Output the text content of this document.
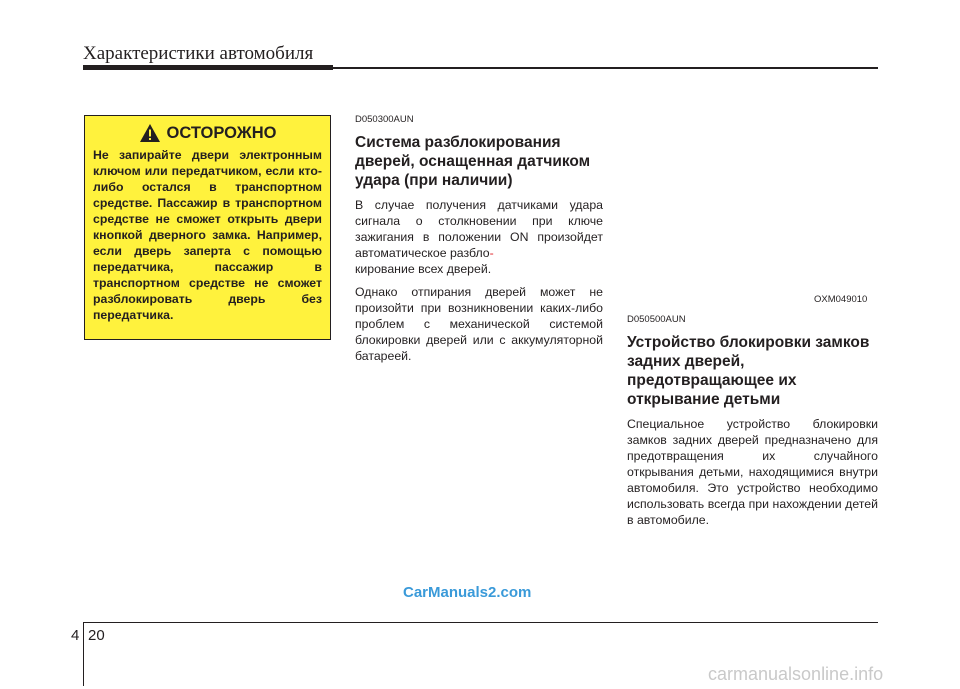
Характеристики автомобиля
ОСТОРОЖНО
Не запирайте двери электронным ключом или передатчиком, если кто-либо остался в транспортном средстве. Пассажир в транспортном средстве не сможет открыть двери кнопкой дверного замка. Например, если дверь заперта с помощью передатчика, пассажир в транспортном средстве не сможет разблокировать дверь без передатчика.
D050300AUN
Система разблокирования дверей, оснащенная датчиком удара (при наличии)
В случае получения датчиками удара сигнала о столкновении при ключе зажигания в положении ON произойдет автоматическое разбло-
кирование всех дверей.
Однако отпирания дверей может не произойти при возникновении каких-либо проблем с механической системой блокировки дверей или с аккумуляторной батареей.
OXM049010
D050500AUN
Устройство блокировки замков задних дверей, предотвращающее их открывание детьми
Специальное устройство блокировки замков задних дверей предназначено для предотвращения их случайного открывания детьми, находящимися внутри автомобиля. Это устройство необходимо использовать всегда при нахождении детей в автомобиле.
CarManuals2.com
4 20
carmanualsonline.info
